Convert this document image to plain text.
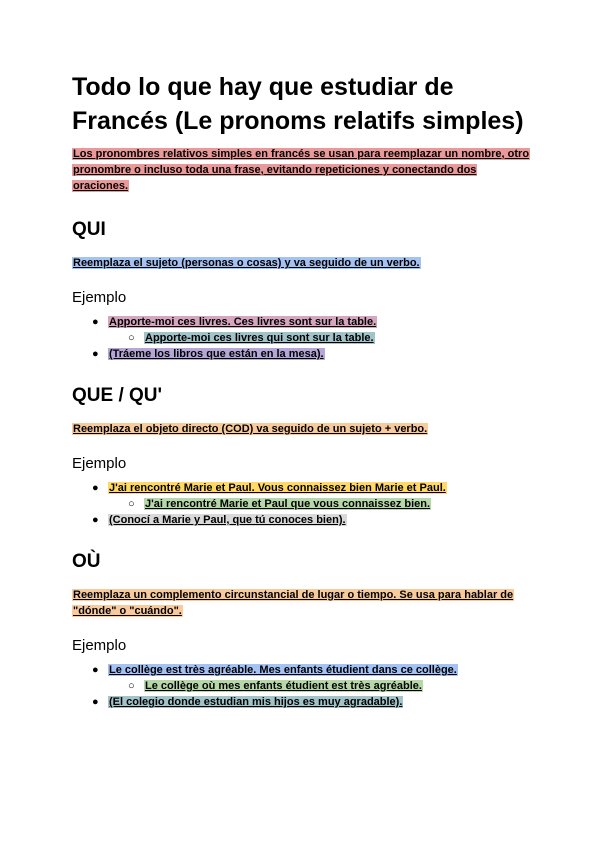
Todo lo que hay que estudiar de Francés (Le pronoms relatifs simples)

Los pronombres relativos simples en francés se usan para reemplazar un nombre, otro pronombre o incluso toda una frase, evitando repeticiones y conectando dos oraciones.

QUI

Reemplaza el sujeto (personas o cosas) y va seguido de un verbo.

Ejemplo
● Apporte-moi ces livres. Ces livres sont sur la table.
○ Apporte-moi ces livres qui sont sur la table.
● (Tráeme los libros que están en la mesa).
QUE / QU'

Reemplaza el objeto directo (COD) va seguido de un sujeto + verbo.

Ejemplo
● J'ai rencontré Marie et Paul. Vous connaissez bien Marie et Paul.
○ J'ai rencontré Marie et Paul que vous connaissez bien.
● (Conocí a Marie y Paul, que tú conoces bien).
OÙ

Reemplaza un complemento circunstancial de lugar o tiempo. Se usa para hablar de "dónde" o "cuándo".

Ejemplo
● Le collège est très agréable. Mes enfants étudient dans ce collège.
○ Le collège où mes enfants étudient est très agréable.
● (El colegio donde estudian mis hijos es muy agradable).
